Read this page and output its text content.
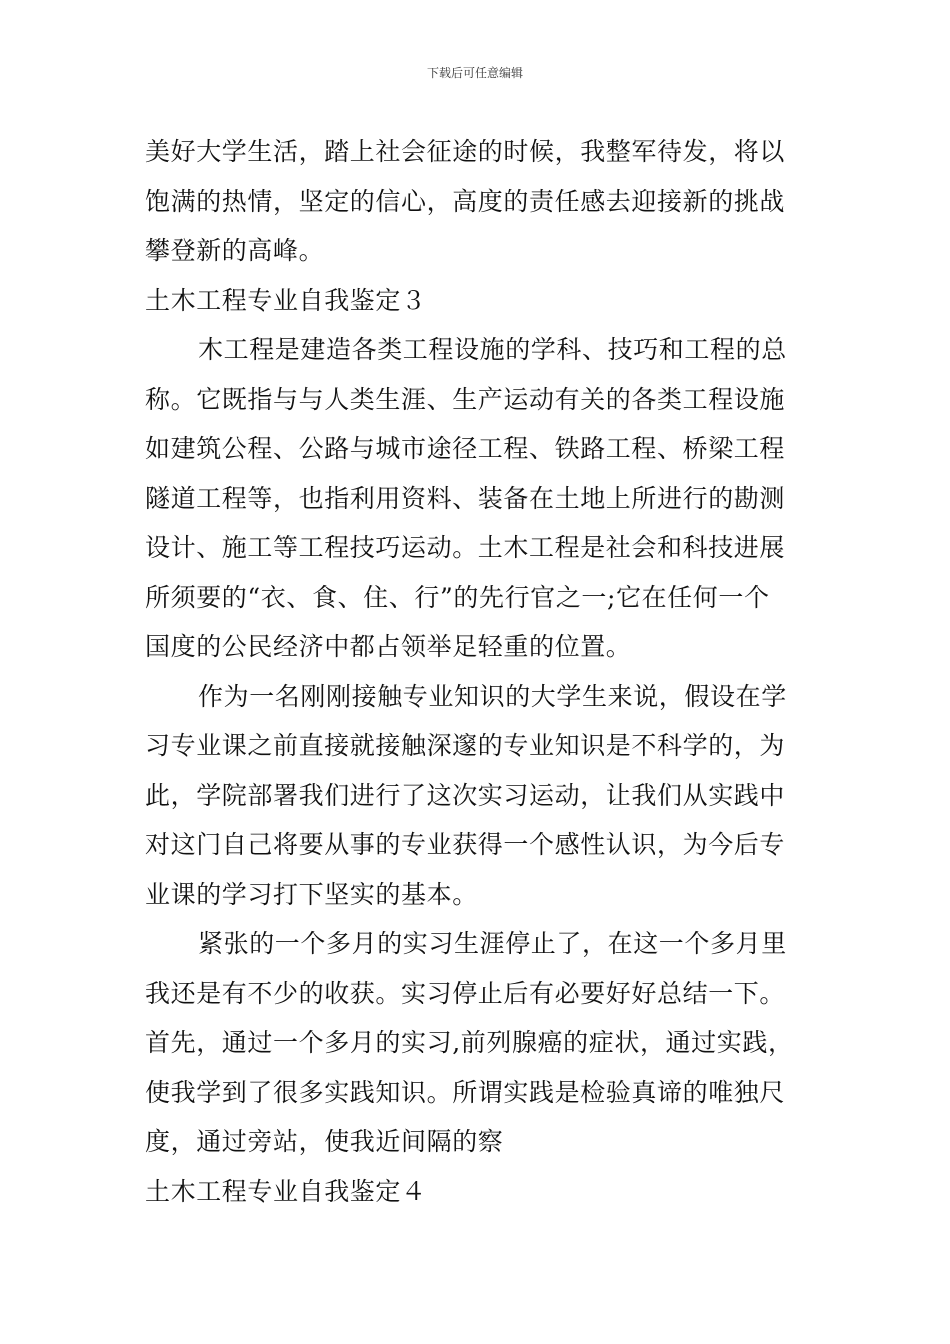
下载后可任意编辑
美好大学生活，踏上社会征途的时候，我整军待发，将以
饱满的热情，坚定的信心，高度的责任感去迎接新的挑战
攀登新的高峰。
土木工程专业自我鉴定３
木工程是建造各类工程设施的学科、技巧和工程的总
称。它既指与与人类生涯、生产运动有关的各类工程设施
如建筑公程、公路与城市途径工程、铁路工程、桥梁工程
隧道工程等，也指利用资料、装备在土地上所进行的勘测
设计、施工等工程技巧运动。土木工程是社会和科技进展
所须要的“衣、食、住、行”的先行官之一;它在任何一个
国度的公民经济中都占领举足轻重的位置。
作为一名刚刚接触专业知识的大学生来说，假设在学
习专业课之前直接就接触深邃的专业知识是不科学的，为
此，学院部署我们进行了这次实习运动，让我们从实践中
对这门自己将要从事的专业获得一个感性认识，为今后专
业课的学习打下坚实的基本。
紧张的一个多月的实习生涯停止了，在这一个多月里
我还是有不少的收获。实习停止后有必要好好总结一下。
首先，通过一个多月的实习,前列腺癌的症状，通过实践，
使我学到了很多实践知识。所谓实践是检验真谛的唯独尺
度，通过旁站，使我近间隔的察
土木工程专业自我鉴定４
